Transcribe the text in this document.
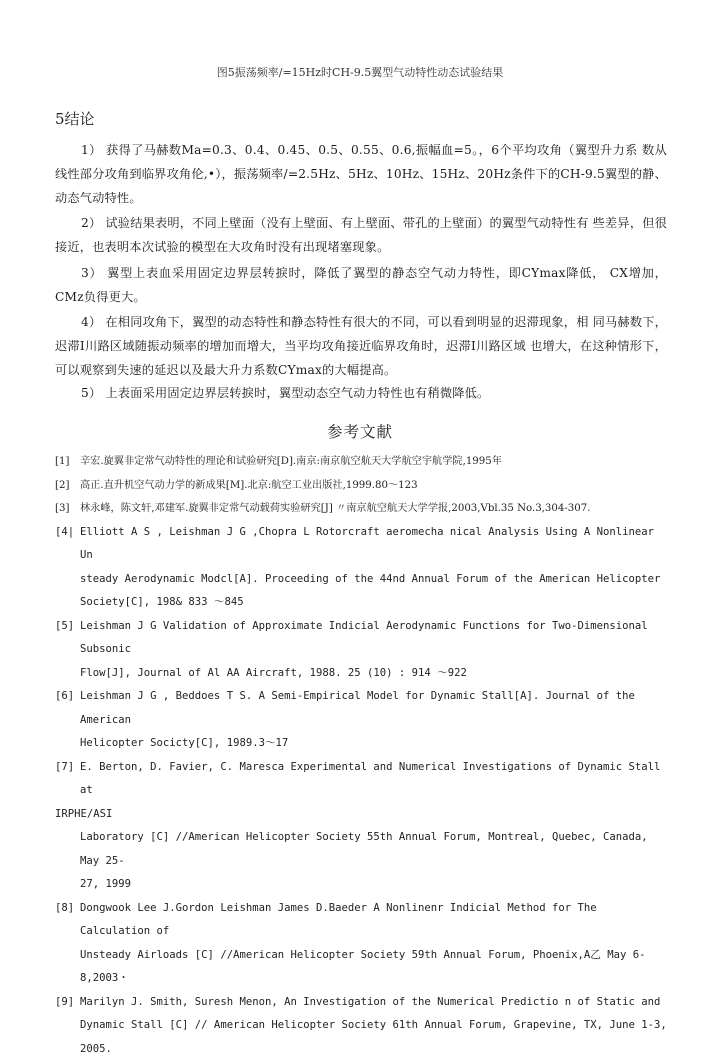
图5振荡频率/=15Hz时CH-9.5翼型气动特性动态试验结果
5结论
1） 获得了马赫数Ma=0.3、0.4、0.45、0.5、0.55、0.6,振幅血=5。，6个平均攻角（翼型升力系 数从线性部分攻角到临界攻角伦,•），振荡频率/=2.5Hz、5Hz、10Hz、15Hz、20Hz条件下的CH-9.5翼型的静、动态气动特性。
2） 试验结果表明，不同上壁面（没有上壁面、有上壁面、带孔的上壁面）的翼型气动特性有 些差异，但很接近，也表明本次试验的模型在大攻角时没有出现堵塞现象。
3） 翼型上表血采用固定边界层转捩时，降低了翼型的静态空气动力特性，即CYmax降低， CX增加，CMz负得更大。
4） 在相同攻角下，翼型的动态特性和静态特性有很大的不同，可以看到明显的迟滞现象，相 同马赫数下，迟滞I川路区域随振动频率的增加而增大，当平均攻角接近临界攻角时，迟滞I川路区域 也增大，在这种情形下，可以观察到失速的延迟以及最大升力系数CYmax的大幅提高。
5） 上表面采用固定边界层转捩时，翼型动态空气动力特性也有稍微降低。
参考文献
[1] 辛宏.旋翼非定常气动特性的理论和试验研究[D].南京:南京航空航天大学航空宇航学院,1995年
[2] 高正.直升机空气动力学的新成果[M].北京:航空工业出版社,1999.80～123
[3] 林永峰，陈文轩,邓建军.旋翼非定常气动载荷实验研究[J] 〃南京航空航天大学学报,2003,Vbl.35 No.3,304-307.
[4| Elliott A S , Leishman J G ,Chopra L Rotorcraft aeromecha nical Analysis Using A Nonlinear Un
steady Aerodynamic Modcl[A]. Proceeding of the 44nd Annual Forum of the American Helicopter
Society[C], 198& 833 ～845
[5] Leishman J G Validation of Approximate Indicial Aerodynamic Functions for Two-Dimensional Subsonic
Flow[J], Journal of Al AA Aircraft, 1988. 25 (10) : 914 ～922
[6] Leishman J G , Beddoes T S. A Semi-Empirical Model for Dynamic Stall[A]. Journal of the American
Helicopter Socicty[C], 1989.3～17
[7] E. Berton, D. Favier, C. Maresca Experimental and Numerical Investigations of Dynamic Stall at
IRPHE/ASI
Laboratory [C] //American Helicopter Society 55th Annual Forum, Montreal, Quebec, Canada, May 25-
27, 1999
[8] Dongwook Lee J.Gordon Leishman James D.Baeder A Nonlinenr Indicial Method for The Calculation of
Unsteady Airloads [C] //American Helicopter Society 59th Annual Forum, Phoenix,A乙 May 6-8,2003・
[9] Marilyn J. Smith, Suresh Menon, An Investigation of the Numerical Predictio n of Static and
Dynamic Stall [C] // American Helicopter Society 61th Annual Forum, Grapevine, TX, June 1-3,
2005.
